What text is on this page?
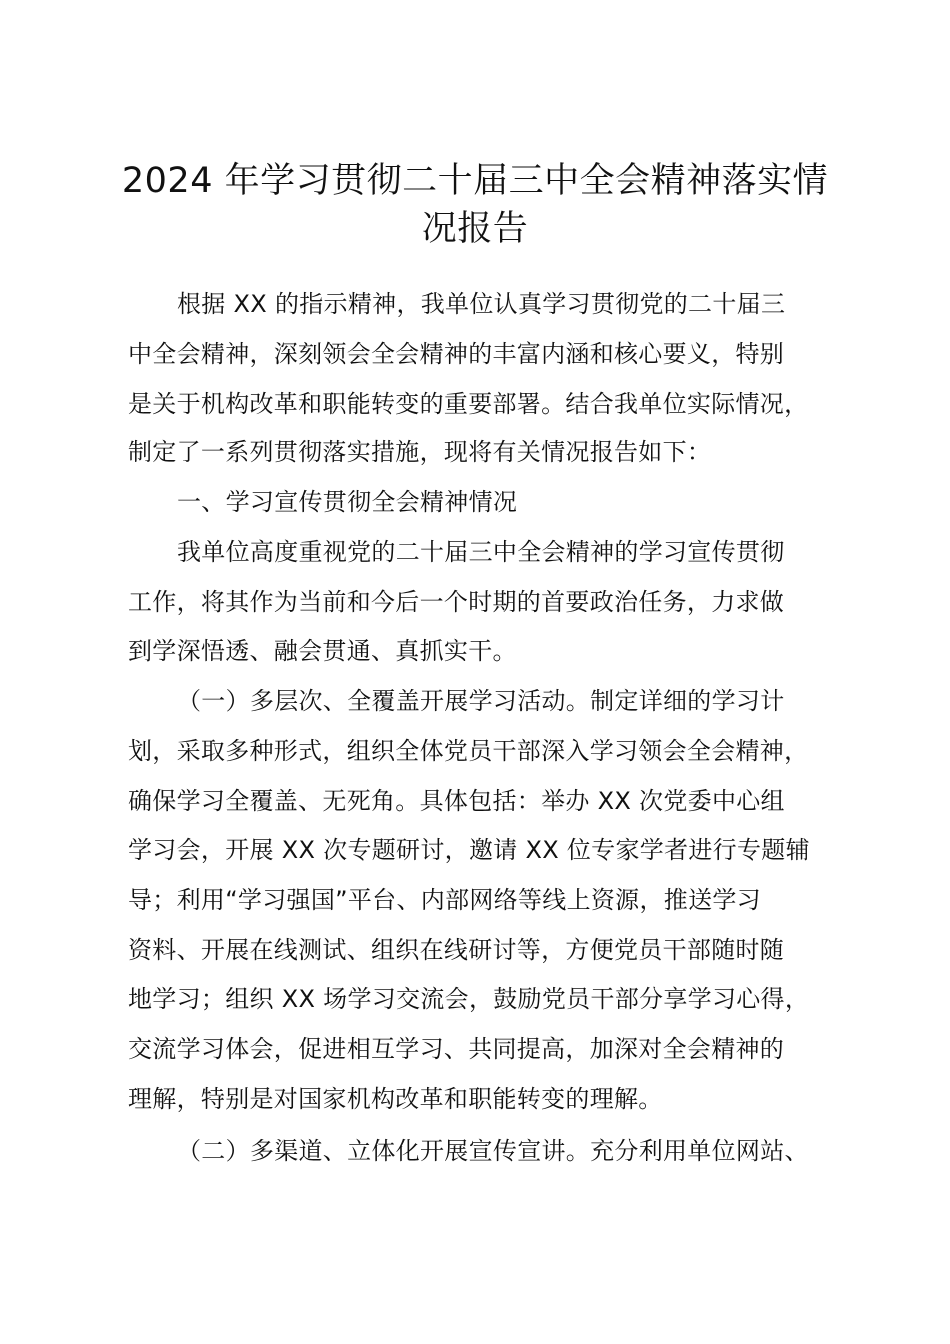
2024 年学习贯彻二十届三中全会精神落实情
况报告
根据 XX 的指示精神，我单位认真学习贯彻党的二十届三
中全会精神，深刻领会全会精神的丰富内涵和核心要义，特别
是关于机构改革和职能转变的重要部署。结合我单位实际情况，
制定了一系列贯彻落实措施，现将有关情况报告如下：
一、学习宣传贯彻全会精神情况
我单位高度重视党的二十届三中全会精神的学习宣传贯彻
工作，将其作为当前和今后一个时期的首要政治任务，力求做
到学深悟透、融会贯通、真抓实干。
（一）多层次、全覆盖开展学习活动。制定详细的学习计
划，采取多种形式，组织全体党员干部深入学习领会全会精神，
确保学习全覆盖、无死角。具体包括：举办 XX 次党委中心组
学习会，开展 XX 次专题研讨，邀请 XX 位专家学者进行专题辅
导；利用“学习强国”平台、内部网络等线上资源，推送学习
资料、开展在线测试、组织在线研讨等，方便党员干部随时随
地学习；组织 XX 场学习交流会，鼓励党员干部分享学习心得，
交流学习体会，促进相互学习、共同提高，加深对全会精神的
理解，特别是对国家机构改革和职能转变的理解。
（二）多渠道、立体化开展宣传宣讲。充分利用单位网站、
